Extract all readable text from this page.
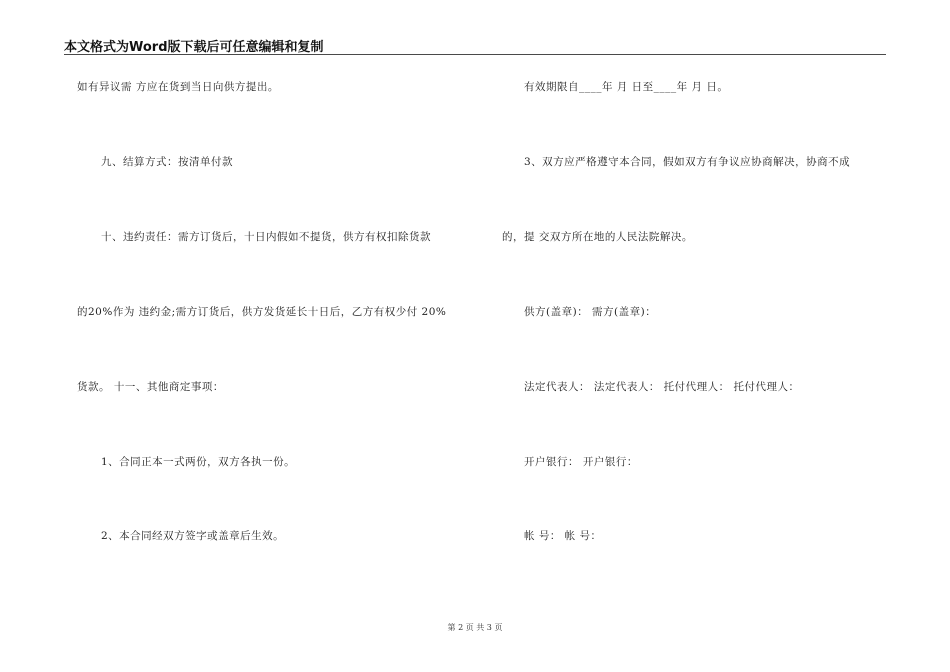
本文格式为Word版下载后可任意编辑和复制
如有异议需 方应在货到当日向供方提出。
九、结算方式：按清单付款
十、违约责任：需方订货后，十日内假如不提货，供方有权扣除货款
的20%作为 违约金;需方订货后，供方发货延长十日后，乙方有权少付 20%
货款。 十一、其他商定事项：
1、合同正本一式两份，双方各执一份。
2、本合同经双方签字或盖章后生效。
有效期限自____年 月 日至____年 月 日。
3、双方应严格遵守本合同，假如双方有争议应协商解决，协商不成
的，提 交双方所在地的人民法院解决。
供方(盖章)： 需方(盖章)：
法定代表人： 法定代表人： 托付代理人： 托付代理人：
开户银行： 开户银行：
帐 号： 帐 号：
第 2 页 共 3 页
